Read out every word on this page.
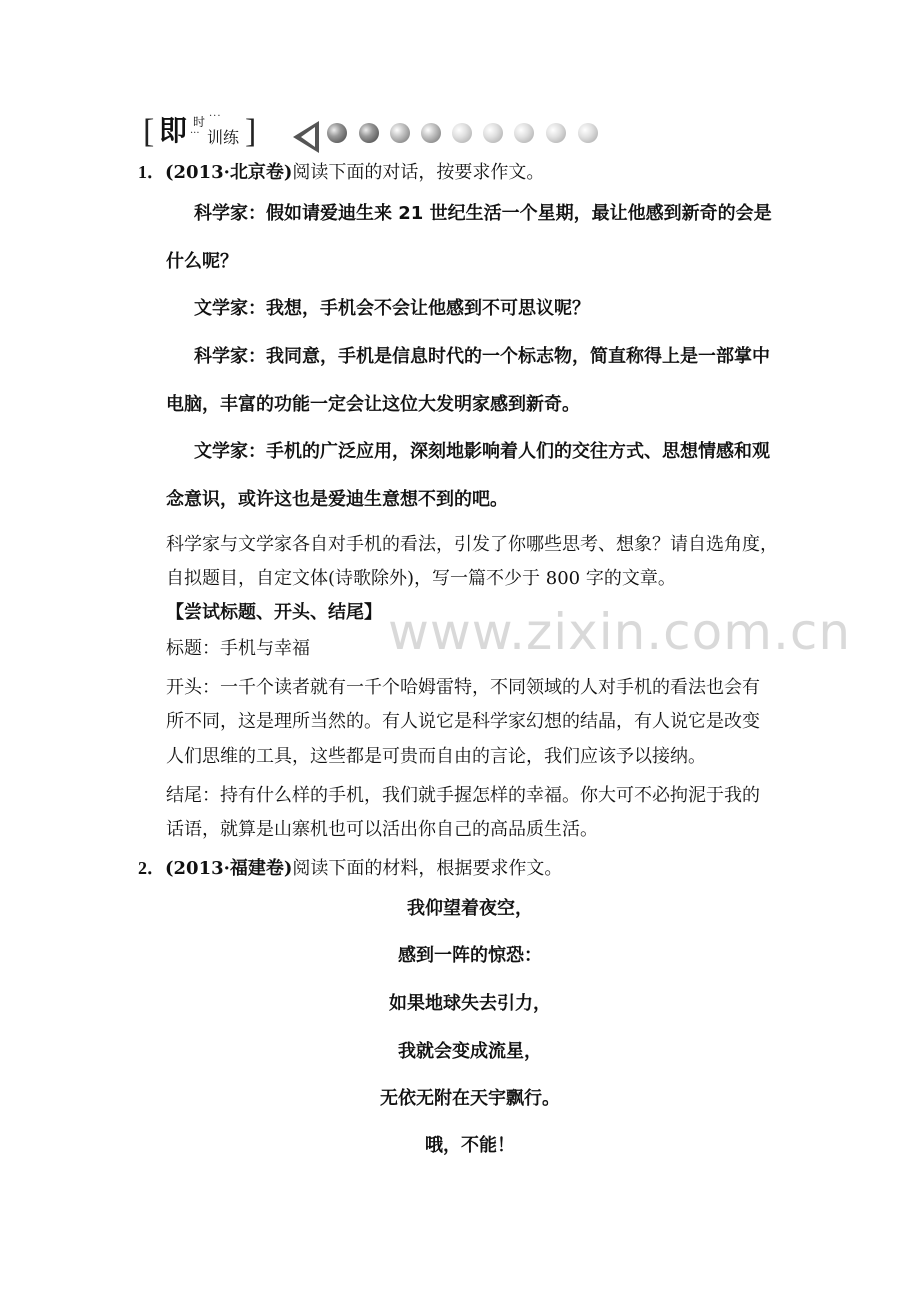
[ 即 时 ···
··· 训练 ]
1．(2013·北京卷)阅读下面的对话，按要求作文。
科学家：假如请爱迪生来 21 世纪生活一个星期，最让他感到新奇的会是
什么呢？
文学家：我想，手机会不会让他感到不可思议呢？
科学家：我同意，手机是信息时代的一个标志物，简直称得上是一部掌中
电脑，丰富的功能一定会让这位大发明家感到新奇。
文学家：手机的广泛应用，深刻地影响着人们的交往方式、思想情感和观
念意识，或许这也是爱迪生意想不到的吧。
科学家与文学家各自对手机的看法，引发了你哪些思考、想象？请自选角度，
自拟题目，自定文体(诗歌除外)，写一篇不少于 800 字的文章。
【尝试标题、开头、结尾】
标题：手机与幸福
开头：一千个读者就有一千个哈姆雷特，不同领域的人对手机的看法也会有
所不同，这是理所当然的。有人说它是科学家幻想的结晶，有人说它是改变
人们思维的工具，这些都是可贵而自由的言论，我们应该予以接纳。
结尾：持有什么样的手机，我们就手握怎样的幸福。你大可不必拘泥于我的
话语，就算是山寨机也可以活出你自己的高品质生活。
2．(2013·福建卷)阅读下面的材料，根据要求作文。
我仰望着夜空，
感到一阵的惊恐：
如果地球失去引力，
我就会变成流星，
无依无附在天宇飘行。
哦，不能！
www.zixin.com.cn
